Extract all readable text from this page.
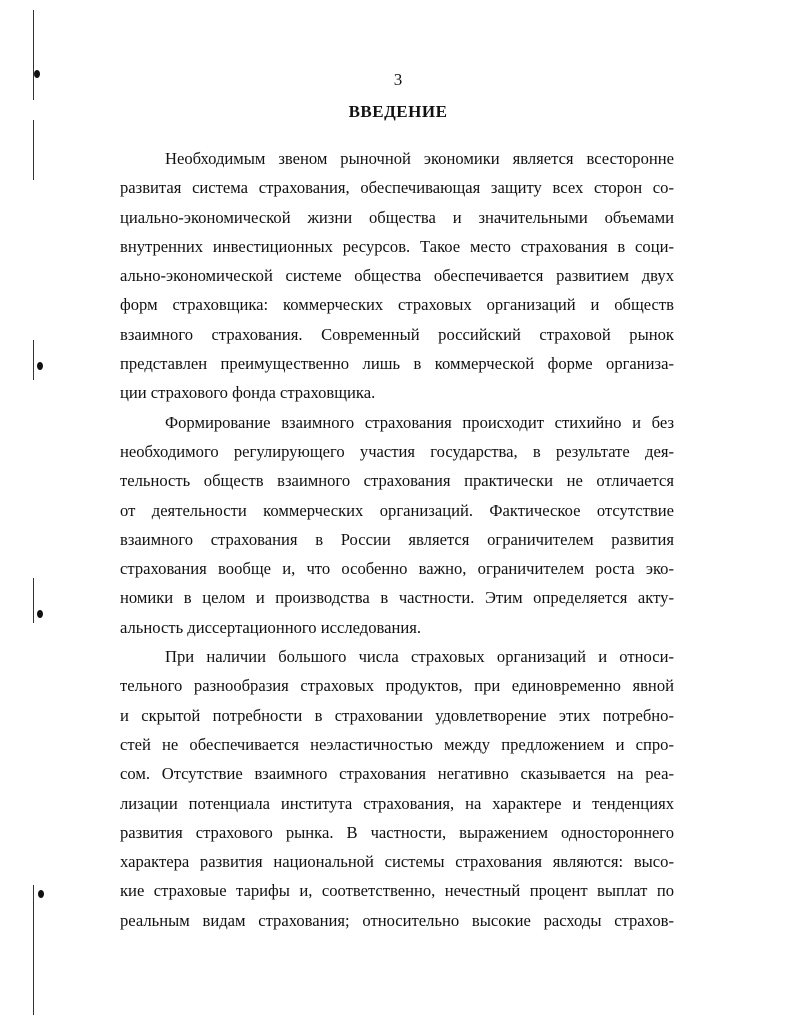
3
ВВЕДЕНИЕ
Необходимым звеном рыночной экономики является всесторонне
развитая система страхования, обеспечивающая защиту всех сторон со-
циально-экономической жизни общества и значительными объемами
внутренних инвестиционных ресурсов. Такое место страхования в соци-
ально-экономической системе общества обеспечивается развитием двух
форм страховщика: коммерческих страховых организаций и обществ
взаимного страхования. Современный российский страховой рынок
представлен преимущественно лишь в коммерческой форме организа-
ции страхового фонда страховщика.
Формирование взаимного страхования происходит стихийно и без
необходимого регулирующего участия государства, в результате дея-
тельность обществ взаимного страхования практически не отличается
от деятельности коммерческих организаций. Фактическое отсутствие
взаимного страхования в России является ограничителем развития
страхования вообще и, что особенно важно, ограничителем роста эко-
номики в целом и производства в частности. Этим определяется акту-
альность диссертационного исследования.
При наличии большого числа страховых организаций и относи-
тельного разнообразия страховых продуктов, при единовременно явной
и скрытой потребности в страховании удовлетворение этих потребно-
стей не обеспечивается неэластичностью между предложением и спро-
сом. Отсутствие взаимного страхования негативно сказывается на реа-
лизации потенциала института страхования, на характере и тенденциях
развития страхового рынка. В частности, выражением одностороннего
характера развития национальной системы страхования являются: высо-
кие страховые тарифы и, соответственно, нечестный процент выплат по
реальным видам страхования; относительно высокие расходы страхов-
